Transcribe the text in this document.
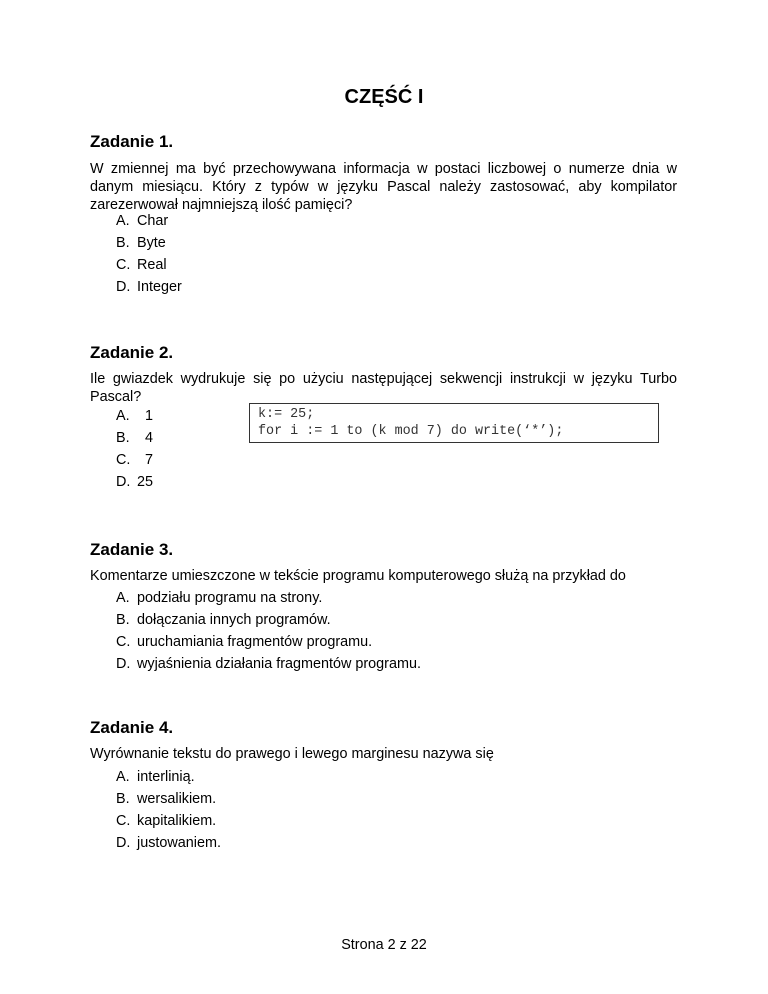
CZĘŚĆ I
Zadanie 1.
W zmiennej ma być przechowywana informacja w postaci liczbowej o numerze dnia w danym miesiącu. Który z typów w języku Pascal należy zastosować, aby kompilator zarezerwował najmniejszą ilość pamięci?
A. Char
B. Byte
C. Real
D. Integer
Zadanie 2.
Ile gwiazdek wydrukuje się po użyciu następującej sekwencji instrukcji w języku Turbo Pascal?
A. 1
B. 4
C. 7
D. 25
k:= 25;
for i := 1 to (k mod 7) do write(‘*’);
Zadanie 3.
Komentarze umieszczone w tekście programu komputerowego służą na przykład do
A. podziału programu na strony.
B. dołączania innych programów.
C. uruchamiania fragmentów programu.
D. wyjaśnienia działania fragmentów programu.
Zadanie 4.
Wyrównanie tekstu do prawego i lewego marginesu nazywa się
A. interlinią.
B. wersalikiem.
C. kapitalikiem.
D. justowaniem.
Strona 2 z 22
